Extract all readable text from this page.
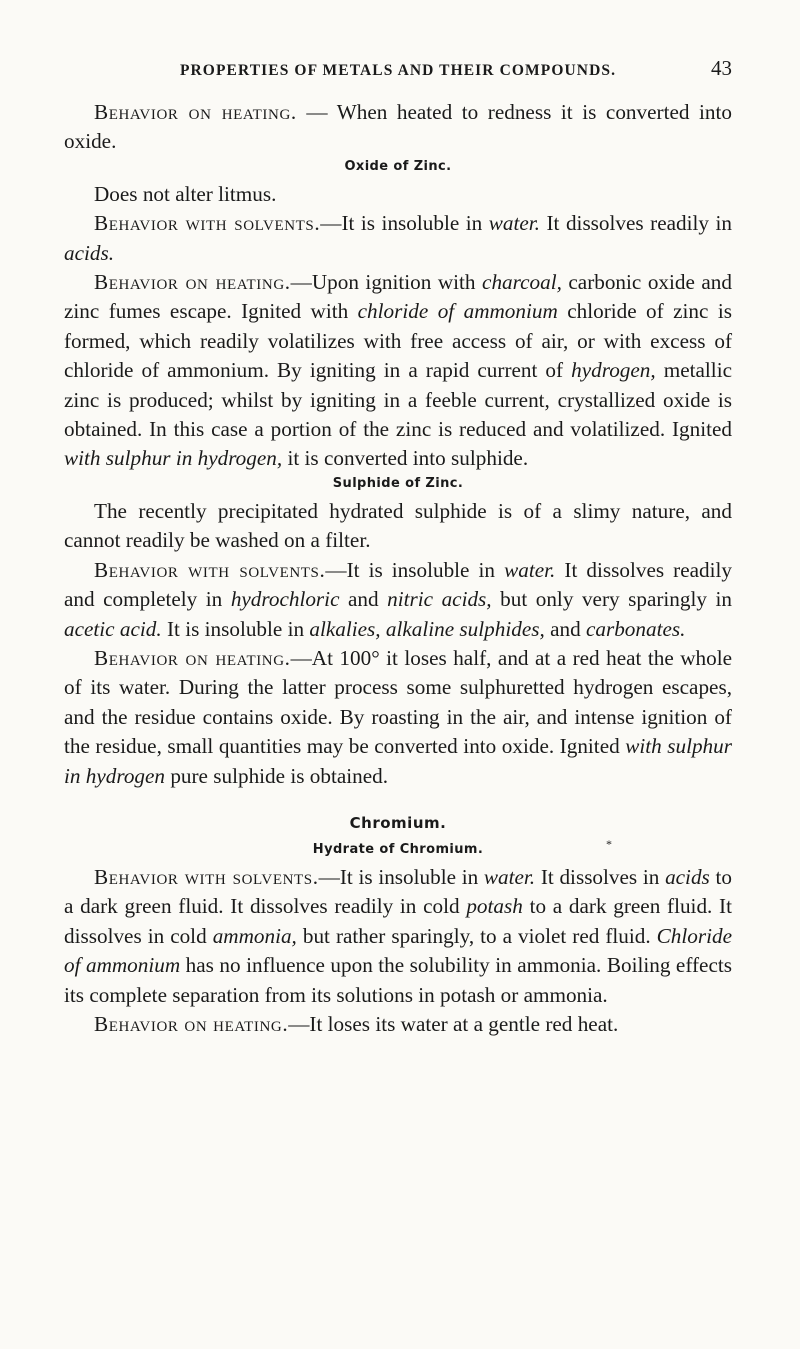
PROPERTIES OF METALS AND THEIR COMPOUNDS.	43

Behavior on heating. — When heated to redness it is converted into oxide.

Oxide of Zinc.

Does not alter litmus.

Behavior with solvents.—It is insoluble in water. It dissolves readily in acids.

Behavior on heating.—Upon ignition with charcoal, carbonic oxide and zinc fumes escape. Ignited with chloride of ammonium chloride of zinc is formed, which readily volatilizes with free access of air, or with excess of chloride of ammonium. By igniting in a rapid current of hydrogen, metallic zinc is produced; whilst by igniting in a feeble current, crystallized oxide is obtained. In this case a portion of the zinc is reduced and volatilized. Ignited with sulphur in hydrogen, it is converted into sulphide.

Sulphide of Zinc.

The recently precipitated hydrated sulphide is of a slimy nature, and cannot readily be washed on a filter.

Behavior with solvents.—It is insoluble in water. It dissolves readily and completely in hydrochloric and nitric acids, but only very sparingly in acetic acid. It is insoluble in alkalies, alkaline sulphides, and carbonates.

Behavior on heating.—At 100° it loses half, and at a red heat the whole of its water. During the latter process some sulphuretted hydrogen escapes, and the residue contains oxide. By roasting in the air, and intense ignition of the residue, small quantities may be converted into oxide. Ignited with sulphur in hydrogen pure sulphide is obtained.

Chromium.
Hydrate of Chromium.	*

Behavior with solvents.—It is insoluble in water. It dissolves in acids to a dark green fluid. It dissolves readily in cold potash to a dark green fluid. It dissolves in cold ammonia, but rather sparingly, to a violet red fluid. Chloride of ammonium has no influence upon the solubility in ammonia. Boiling effects its complete separation from its solutions in potash or ammonia.

Behavior on heating.—It loses its water at a gentle red heat.
